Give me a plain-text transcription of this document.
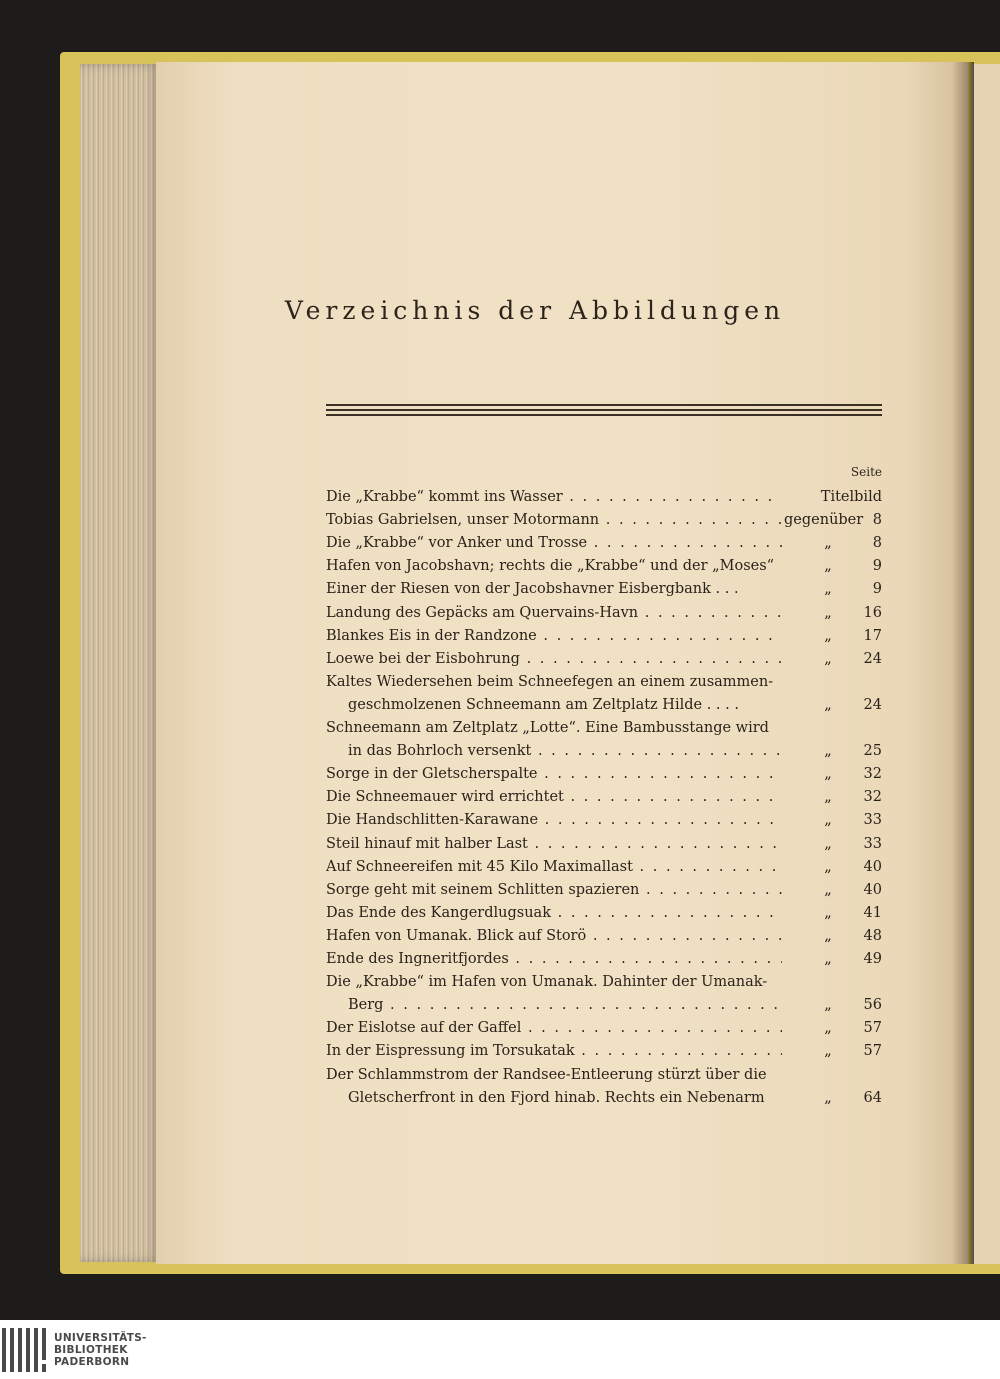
Verzeichnis der Abbildungen
Seite
Die „Krabbe“ kommt ins Wasser . . .	Titelbild
Tobias Gabrielsen, unser Motormann . . .	gegenüber 8
Die „Krabbe“ vor Anker und Trosse . . .	„	8
Hafen von Jacobshavn; rechts die „Krabbe“ und der „Moses“	„	9
Einer der Riesen von der Jacobshavner Eisbergbank . . .	„	9
Landung des Gepäcks am Quervains-Havn . . .	„	16
Blankes Eis in der Randzone . . .	„	17
Loewe bei der Eisbohrung . . .	„	24
Kaltes Wiedersehen beim Schneefegen an einem zusammen-
geschmolzenen Schneemann am Zeltplatz Hilde . . . .	„	24
Schneemann am Zeltplatz „Lotte“. Eine Bambusstange wird
in das Bohrloch versenkt . . .	„	25
Sorge in der Gletscherspalte . . .	„	32
Die Schneemauer wird errichtet . . .	„	32
Die Handschlitten-Karawane . . .	„	33
Steil hinauf mit halber Last . . .	„	33
Auf Schneereifen mit 45 Kilo Maximallast . . .	„	40
Sorge geht mit seinem Schlitten spazieren . . .	„	40
Das Ende des Kangerdlugsuak . . .	„	41
Hafen von Umanak. Blick auf Storö . . .	„	48
Ende des Ingneritfjordes . . .	„	49
Die „Krabbe“ im Hafen von Umanak. Dahinter der Umanak-
Berg . . .	„	56
Der Eislotse auf der Gaffel . . .	„	57
In der Eispressung im Torsukatak . . .	„	57
Der Schlammstrom der Randsee-Entleerung stürzt über die
Gletscherfront in den Fjord hinab. Rechts ein Nebenarm	„	64
UNIVERSITÄTS-
BIBLIOTHEK
PADERBORN
